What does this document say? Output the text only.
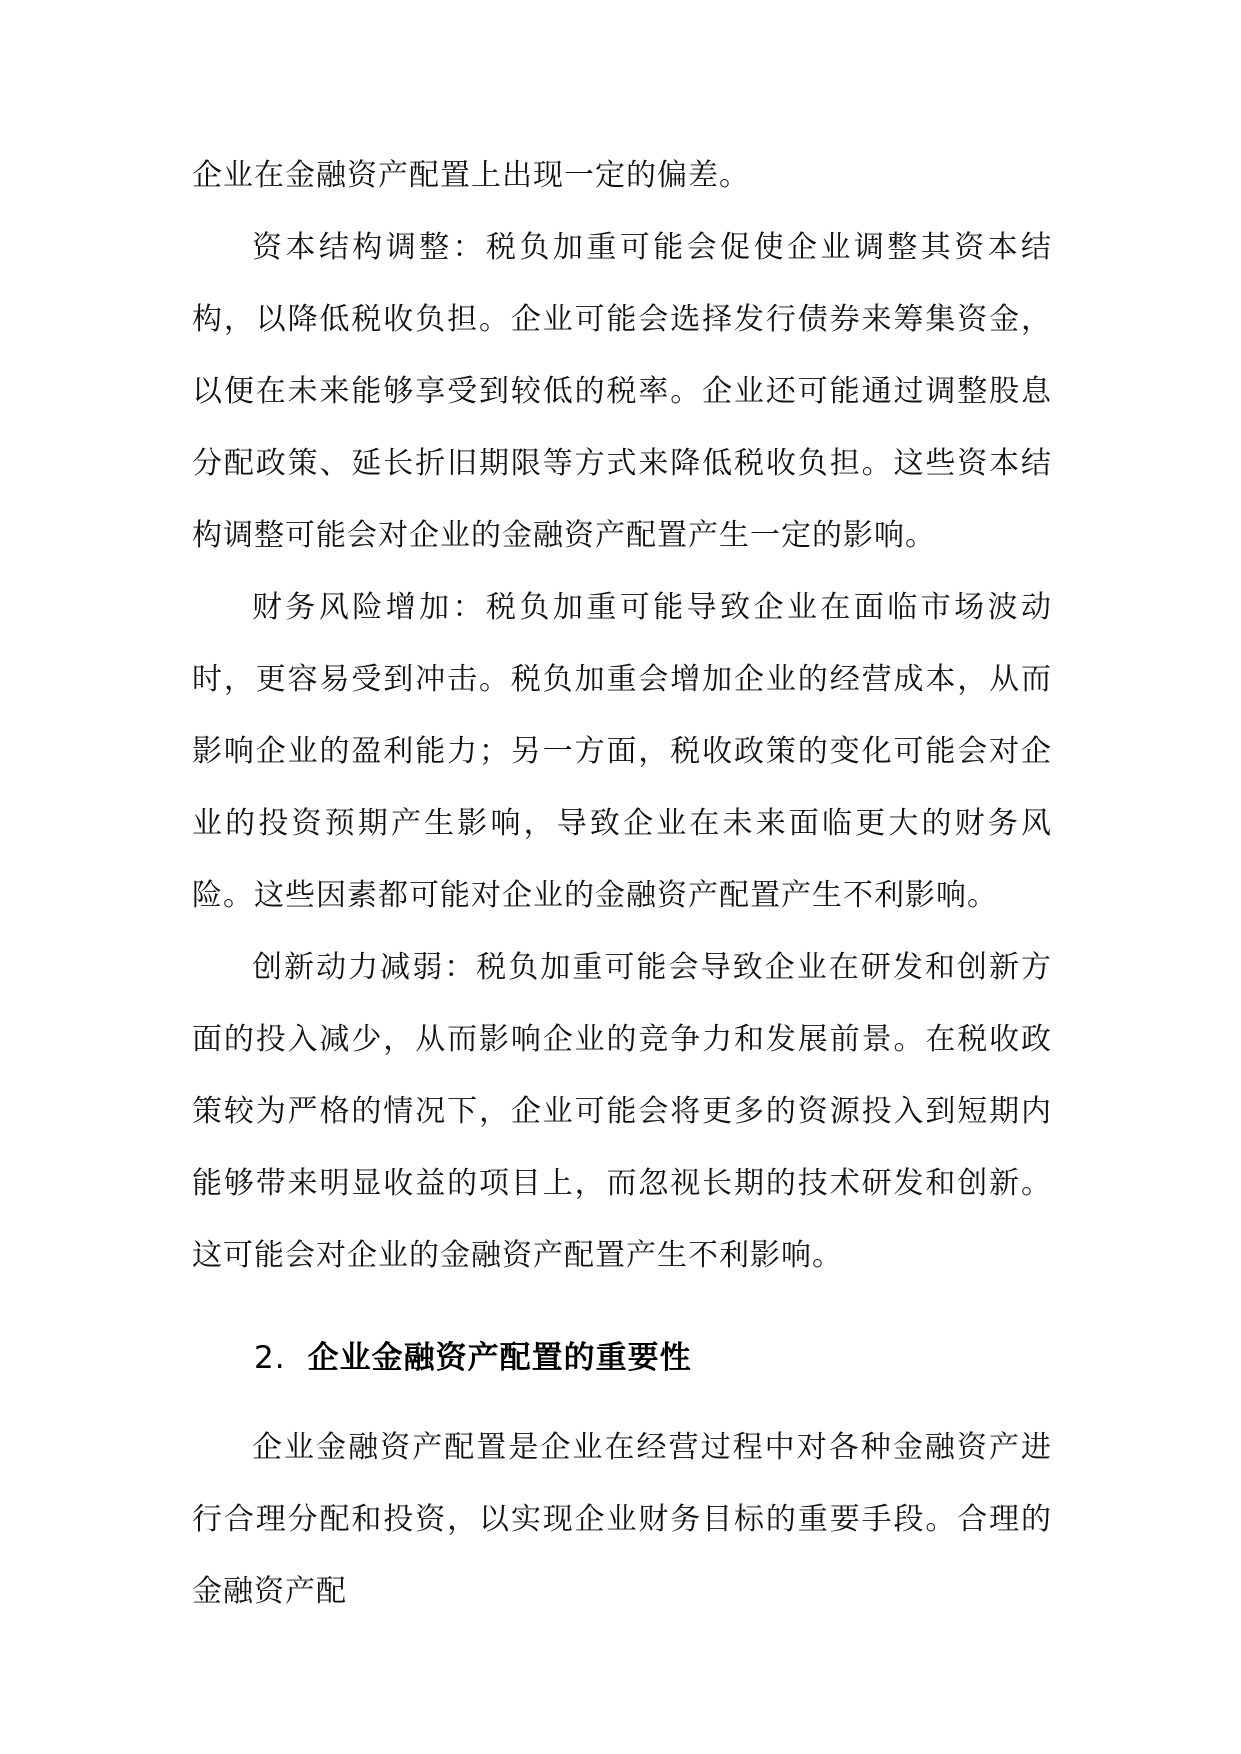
企业在金融资产配置上出现一定的偏差。

资本结构调整：税负加重可能会促使企业调整其资本结构，以降低税收负担。企业可能会选择发行债券来筹集资金，以便在未来能够享受到较低的税率。企业还可能通过调整股息分配政策、延长折旧期限等方式来降低税收负担。这些资本结构调整可能会对企业的金融资产配置产生一定的影响。

财务风险增加：税负加重可能导致企业在面临市场波动时，更容易受到冲击。税负加重会增加企业的经营成本，从而影响企业的盈利能力；另一方面，税收政策的变化可能会对企业的投资预期产生影响，导致企业在未来面临更大的财务风险。这些因素都可能对企业的金融资产配置产生不利影响。

创新动力减弱：税负加重可能会导致企业在研发和创新方面的投入减少，从而影响企业的竞争力和发展前景。在税收政策较为严格的情况下，企业可能会将更多的资源投入到短期内能够带来明显收益的项目上，而忽视长期的技术研发和创新。这可能会对企业的金融资产配置产生不利影响。

2. 企业金融资产配置的重要性

企业金融资产配置是企业在经营过程中对各种金融资产进行合理分配和投资，以实现企业财务目标的重要手段。合理的金融资产配
